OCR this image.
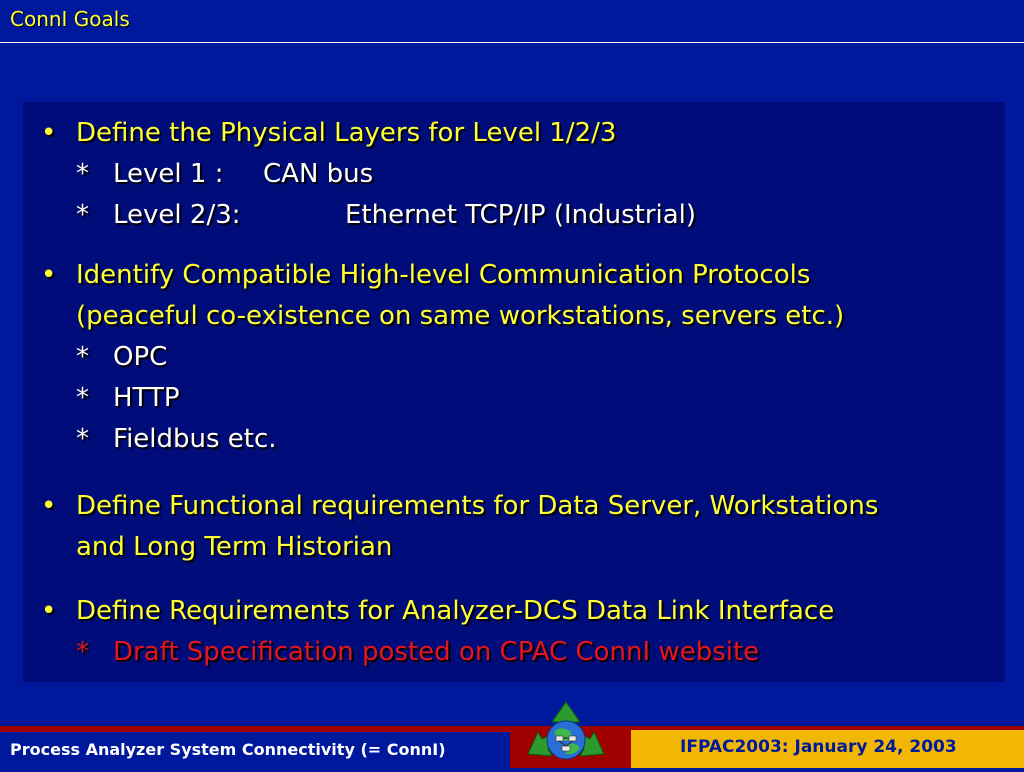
ConnI Goals
• Define the Physical Layers for Level 1/2/3
* Level 1 : CAN bus
* Level 2/3:	Ethernet TCP/IP (Industrial)
• Identify Compatible High-level Communication Protocols
(peaceful co-existence on same workstations, servers etc.)
* OPC
* HTTP
* Fieldbus etc.
• Define Functional requirements for Data Server, Workstations
and Long Term Historian
• Define Requirements for Analyzer-DCS Data Link Interface
* Draft Specification posted on CPAC ConnI website
Process Analyzer System Connectivity (= ConnI)	IFPAC2003: January 24, 2003
